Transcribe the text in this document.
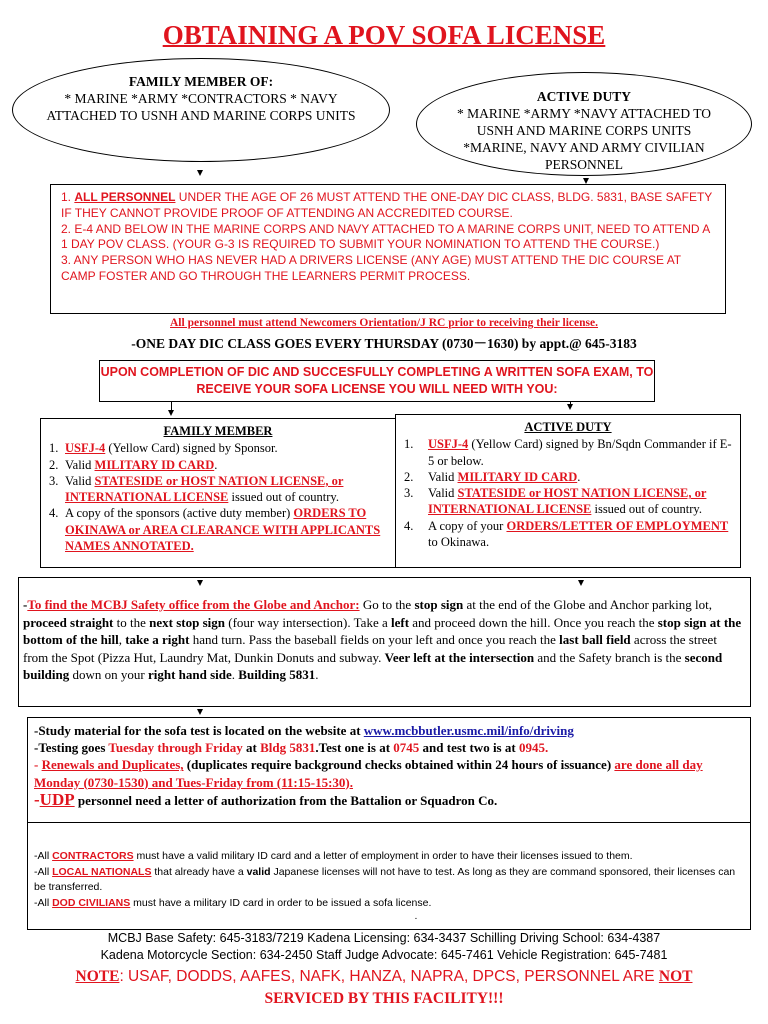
OBTAINING A POV SOFA LICENSE
FAMILY MEMBER OF:
* MARINE *ARMY *CONTRACTORS * NAVY
ATTACHED TO USNH AND MARINE CORPS UNITS
ACTIVE DUTY
* MARINE *ARMY *NAVY ATTACHED TO
USNH AND MARINE CORPS UNITS
*MARINE, NAVY AND ARMY CIVILIAN
PERSONNEL
1. ALL PERSONNEL UNDER THE AGE OF 26 MUST ATTEND THE ONE-DAY DIC CLASS, BLDG. 5831, BASE SAFETY IF THEY CANNOT PROVIDE PROOF OF ATTENDING AN ACCREDITED COURSE.
2. E-4 AND BELOW IN THE MARINE CORPS AND NAVY ATTACHED TO A MARINE CORPS UNIT, NEED TO ATTEND A 1 DAY POV CLASS. (YOUR G-3 IS REQUIRED TO SUBMIT YOUR NOMINATION TO ATTEND THE COURSE.)
3. ANY PERSON WHO HAS NEVER HAD A DRIVERS LICENSE (ANY AGE) MUST ATTEND THE DIC COURSE AT CAMP FOSTER AND GO THROUGH THE LEARNERS PERMIT PROCESS.
All personnel must attend Newcomers Orientation/J RC prior to receiving their license.
-ONE DAY DIC CLASS GOES EVERY THURSDAY (0730－1630) by appt.@ 645-3183
UPON COMPLETION OF DIC AND SUCCESFULLY COMPLETING A WRITTEN SOFA EXAM, TO RECEIVE YOUR SOFA LICENSE YOU WILL NEED WITH YOU:
FAMILY MEMBER
1. USFJ-4 (Yellow Card) signed by Sponsor.
2. Valid MILITARY ID CARD.
3. Valid STATESIDE or HOST NATION LICENSE, or INTERNATIONAL LICENSE issued out of country.
4. A copy of the sponsors (active duty member) ORDERS TO OKINAWA or AREA CLEARANCE WITH APPLICANTS NAMES ANNOTATED.
ACTIVE DUTY
1. USFJ-4 (Yellow Card) signed by Bn/Sqdn Commander if E-5 or below.
2. Valid MILITARY ID CARD.
3. Valid STATESIDE or HOST NATION LICENSE, or INTERNATIONAL LICENSE issued out of country.
4. A copy of your ORDERS/LETTER OF EMPLOYMENT to Okinawa.
-To find the MCBJ Safety office from the Globe and Anchor: Go to the stop sign at the end of the Globe and Anchor parking lot, proceed straight to the next stop sign (four way intersection). Take a left and proceed down the hill. Once you reach the stop sign at the bottom of the hill, take a right hand turn. Pass the baseball fields on your left and once you reach the last ball field across the street from the Spot (Pizza Hut, Laundry Mat, Dunkin Donuts and subway. Veer left at the intersection and the Safety branch is the second building down on your right hand side. Building 5831.
-Study material for the sofa test is located on the website at www.mcbbutler.usmc.mil/info/driving
-Testing goes Tuesday through Friday at Bldg 5831.Test one is at 0745 and test two is at 0945.
- Renewals and Duplicates, (duplicates require background checks obtained within 24 hours of issuance) are done all day Monday (0730-1530) and Tues-Friday from (11:15-15:30).
-UDP personnel need a letter of authorization from the Battalion or Squadron Co.
-All CONTRACTORS must have a valid military ID card and a letter of employment in order to have their licenses issued to them.
-All LOCAL NATIONALS that already have a valid Japanese licenses will not have to test. As long as they are command sponsored, their licenses can be transferred.
-All DOD CIVILIANS must have a military ID card in order to be issued a sofa license.
.
MCBJ Base Safety: 645-3183/7219 Kadena Licensing: 634-3437 Schilling Driving School: 634-4387
Kadena Motorcycle Section: 634-2450 Staff Judge Advocate: 645-7461 Vehicle Registration: 645-7481
NOTE: USAF, DODDS, AAFES, NAFK, HANZA, NAPRA, DPCS, PERSONNEL ARE NOT
SERVICED BY THIS FACILITY!!!
